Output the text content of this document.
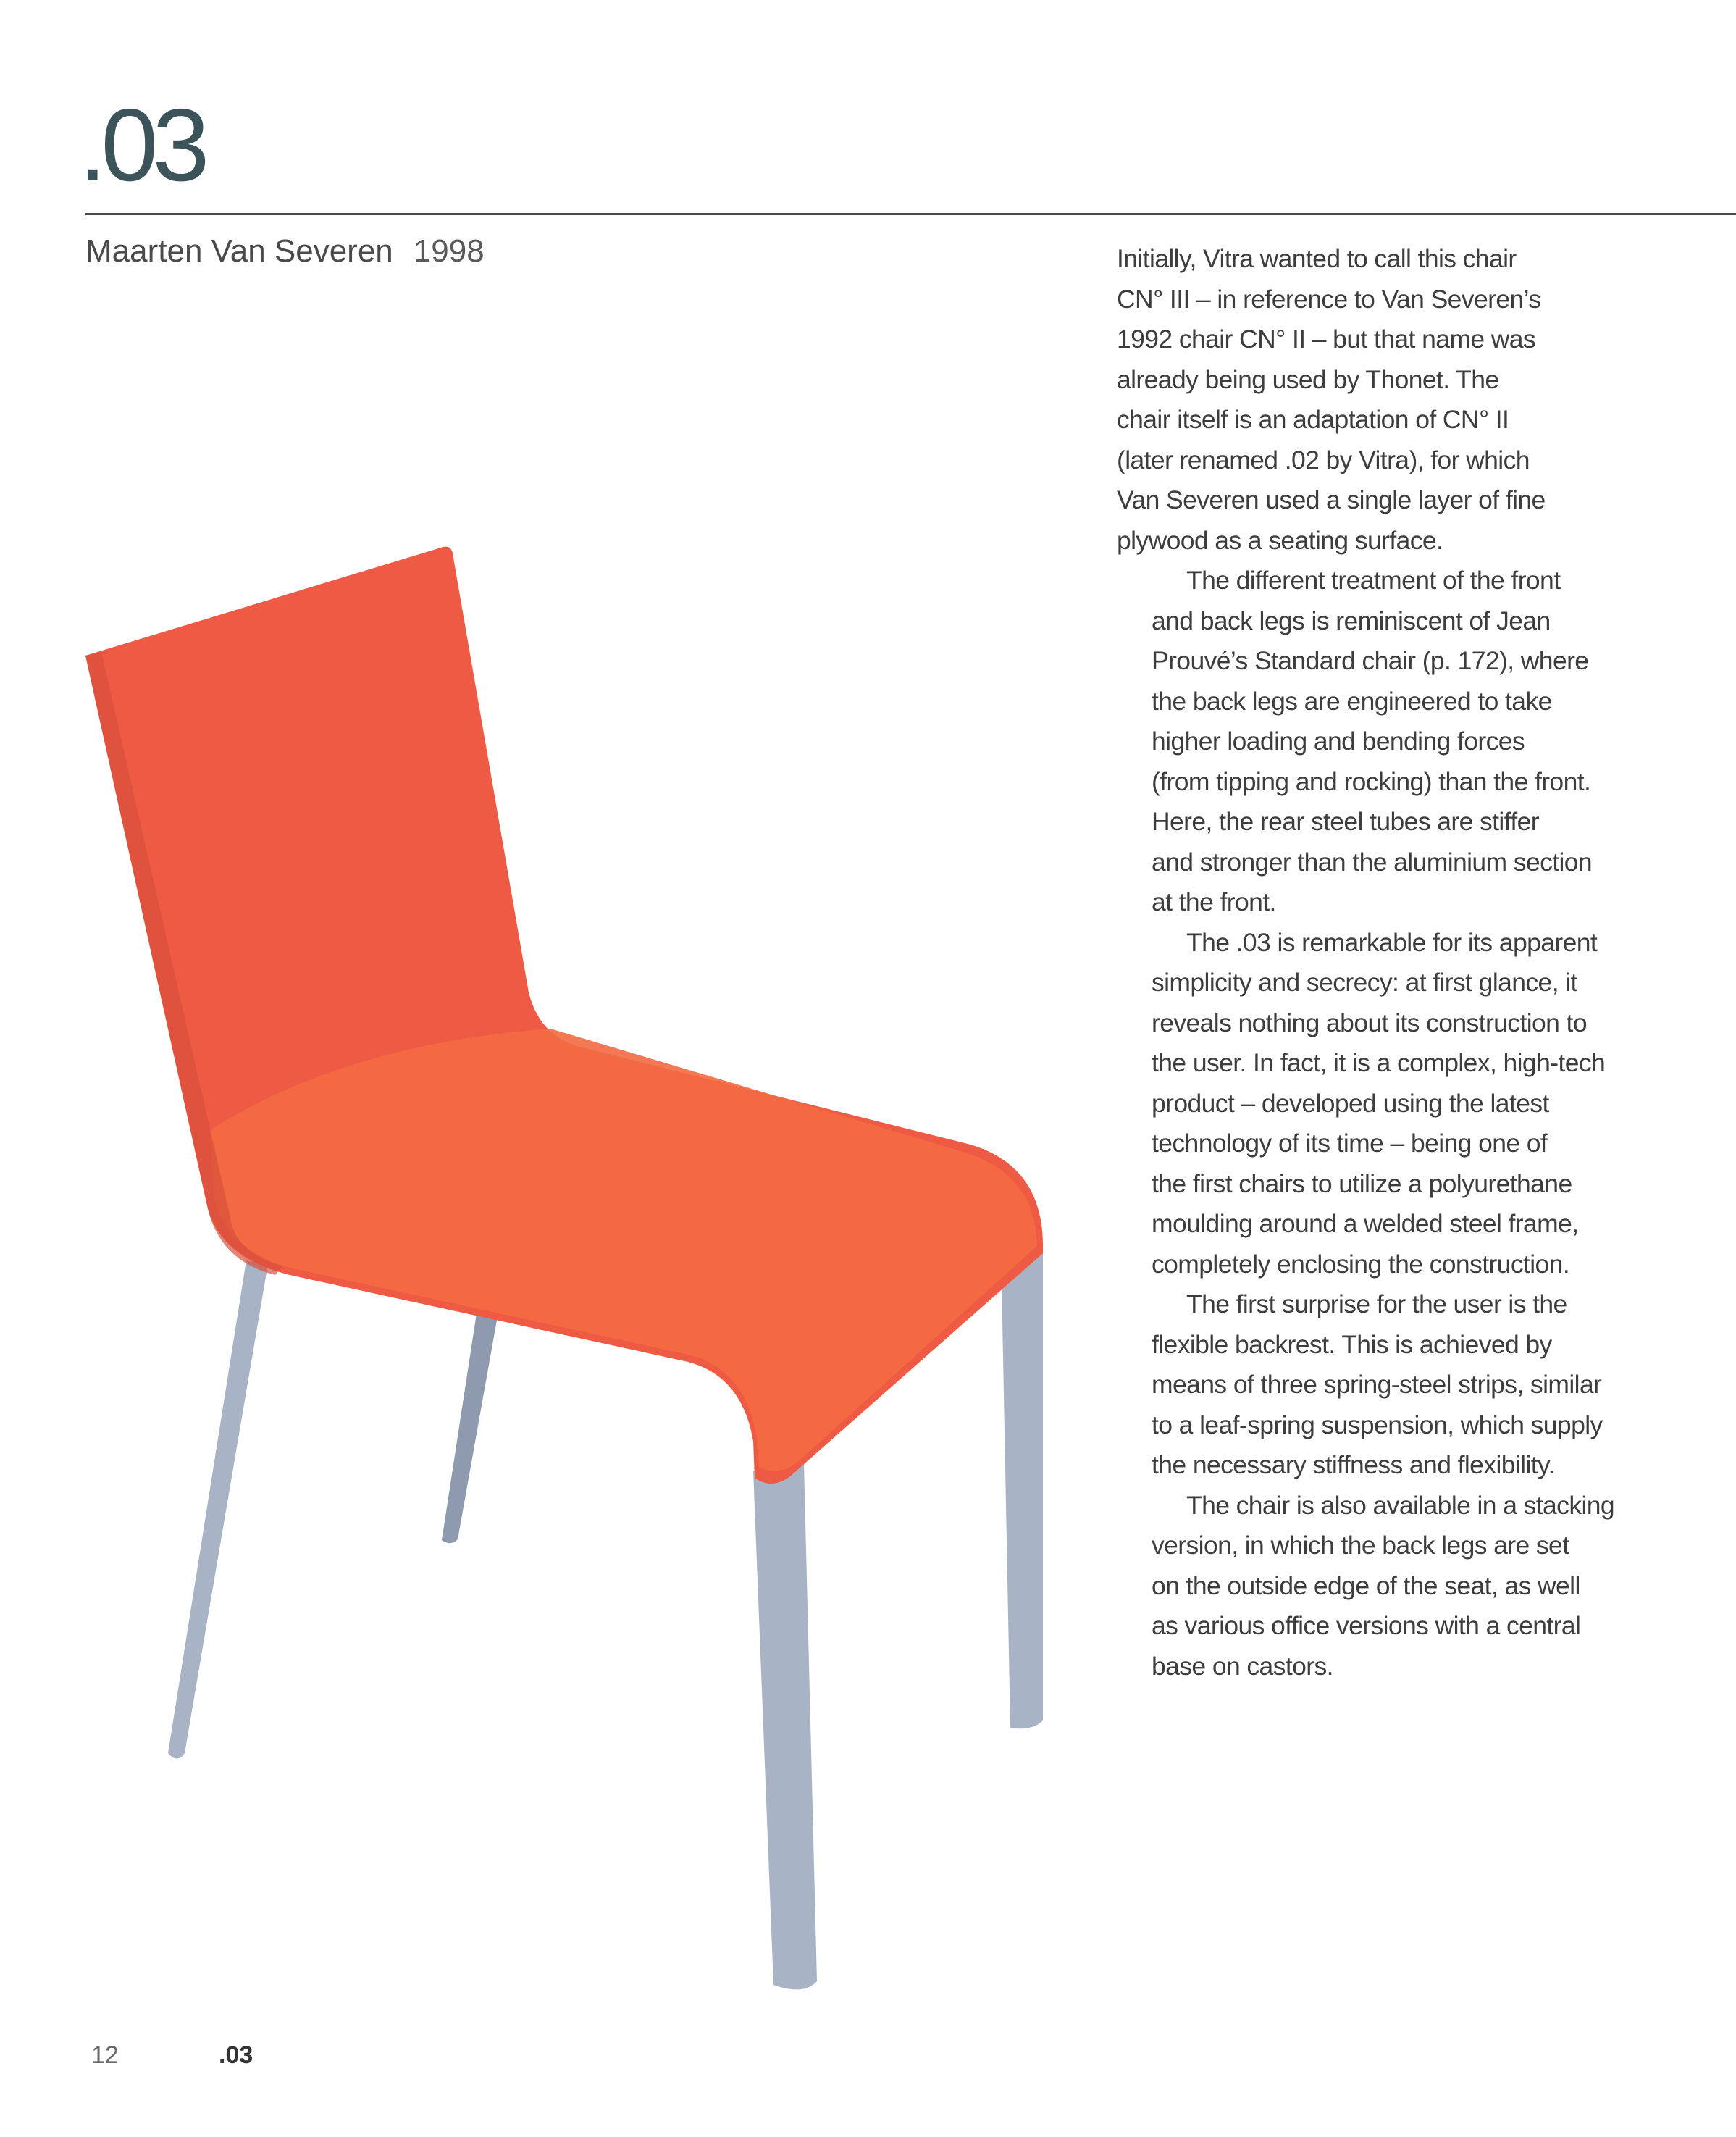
.03
Maarten Van Severen 1998	Initially, Vitra wanted to call this chair
CN° III – in reference to Van Severen’s
1992 chair CN° II – but that name was
already being used by Thonet. The
chair itself is an adaptation of CN° II
(later renamed .02 by Vitra), for which
Van Severen used a single layer of fine
plywood as a seating surface.

The different treatment of the front
and back legs is reminiscent of Jean
Prouvé’s Standard chair (p. 172), where
the back legs are engineered to take
higher loading and bending forces
(from tipping and rocking) than the front.
Here, the rear steel tubes are stiffer
and stronger than the aluminium section
at the front.

The .03 is remarkable for its apparent
simplicity and secrecy: at first glance, it
reveals nothing about its construction to
the user. In fact, it is a complex, high-tech
product – developed using the latest
technology of its time – being one of
the first chairs to utilize a polyurethane
moulding around a welded steel frame,
completely enclosing the construction.

The first surprise for the user is the
flexible backrest. This is achieved by
means of three spring-steel strips, similar
to a leaf-spring suspension, which supply
the necessary stiffness and flexibility.

The chair is also available in a stacking
version, in which the back legs are set
on the outside edge of the seat, as well
as various office versions with a central
base on castors.

12	.03
